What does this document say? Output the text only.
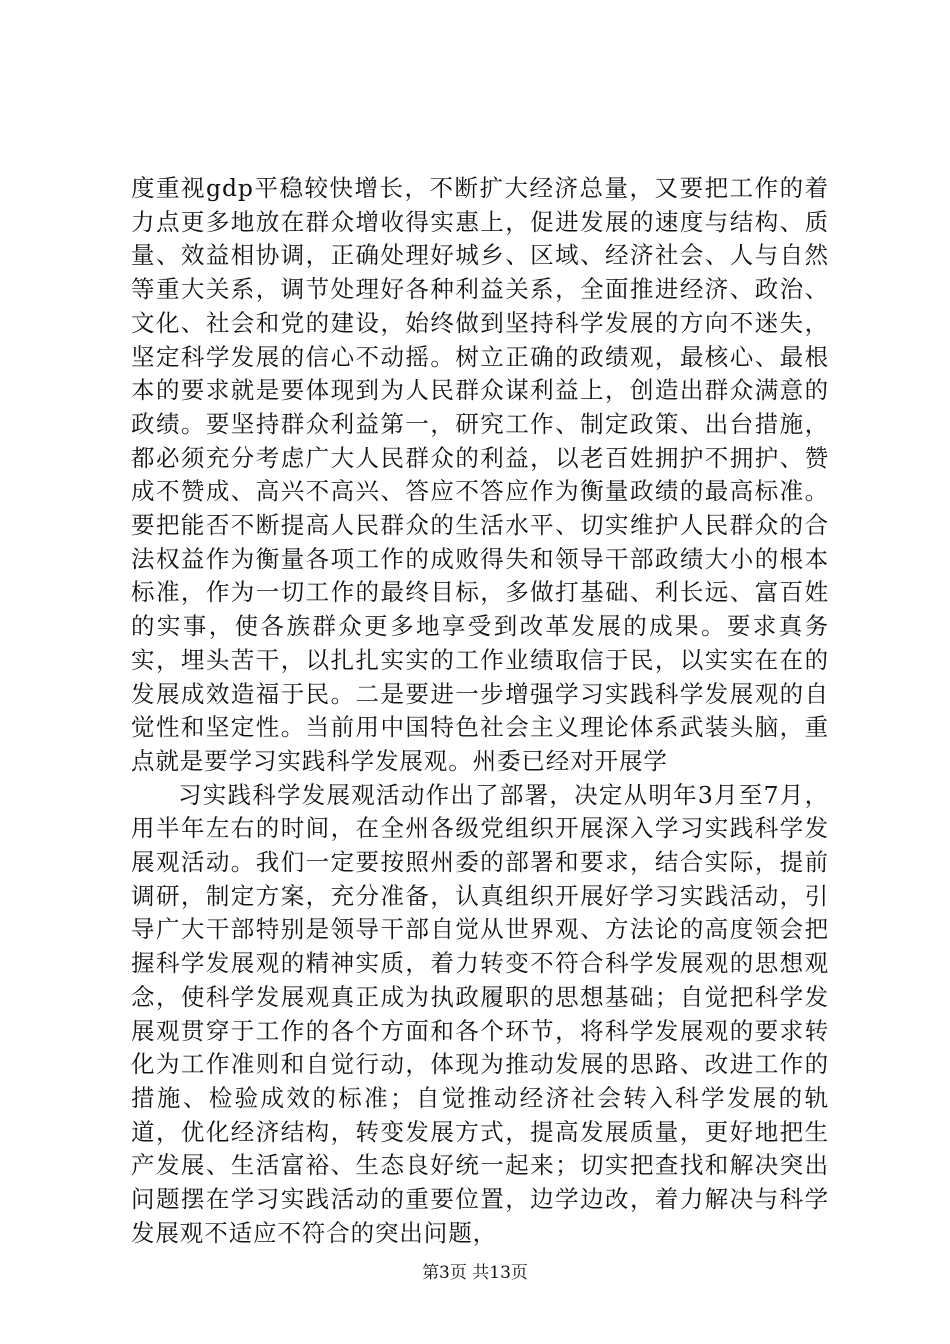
度重视gdp平稳较快增长，不断扩大经济总量，又要把工作的着力点更多地放在群众增收得实惠上，促进发展的速度与结构、质量、效益相协调，正确处理好城乡、区域、经济社会、人与自然等重大关系，调节处理好各种利益关系，全面推进经济、政治、文化、社会和党的建设，始终做到坚持科学发展的方向不迷失，坚定科学发展的信心不动摇。树立正确的政绩观，最核心、最根本的要求就是要体现到为人民群众谋利益上，创造出群众满意的政绩。要坚持群众利益第一，研究工作、制定政策、出台措施，都必须充分考虑广大人民群众的利益，以老百姓拥护不拥护、赞成不赞成、高兴不高兴、答应不答应作为衡量政绩的最高标准。要把能否不断提高人民群众的生活水平、切实维护人民群众的合法权益作为衡量各项工作的成败得失和领导干部政绩大小的根本标准，作为一切工作的最终目标，多做打基础、利长远、富百姓的实事，使各族群众更多地享受到改革发展的成果。要求真务实，埋头苦干，以扎扎实实的工作业绩取信于民，以实实在在的发展成效造福于民。二是要进一步增强学习实践科学发展观的自觉性和坚定性。当前用中国特色社会主义理论体系武装头脑，重点就是要学习实践科学发展观。州委已经对开展学

习实践科学发展观活动作出了部署，决定从明年3月至7月，用半年左右的时间，在全州各级党组织开展深入学习实践科学发展观活动。我们一定要按照州委的部署和要求，结合实际，提前调研，制定方案，充分准备，认真组织开展好学习实践活动，引导广大干部特别是领导干部自觉从世界观、方法论的高度领会把握科学发展观的精神实质，着力转变不符合科学发展观的思想观念，使科学发展观真正成为执政履职的思想基础；自觉把科学发展观贯穿于工作的各个方面和各个环节，将科学发展观的要求转化为工作准则和自觉行动，体现为推动发展的思路、改进工作的措施、检验成效的标准；自觉推动经济社会转入科学发展的轨道，优化经济结构，转变发展方式，提高发展质量，更好地把生产发展、生活富裕、生态良好统一起来；切实把查找和解决突出问题摆在学习实践活动的重要位置，边学边改，着力解决与科学发展观不适应不符合的突出问题，

第3页 共13页
